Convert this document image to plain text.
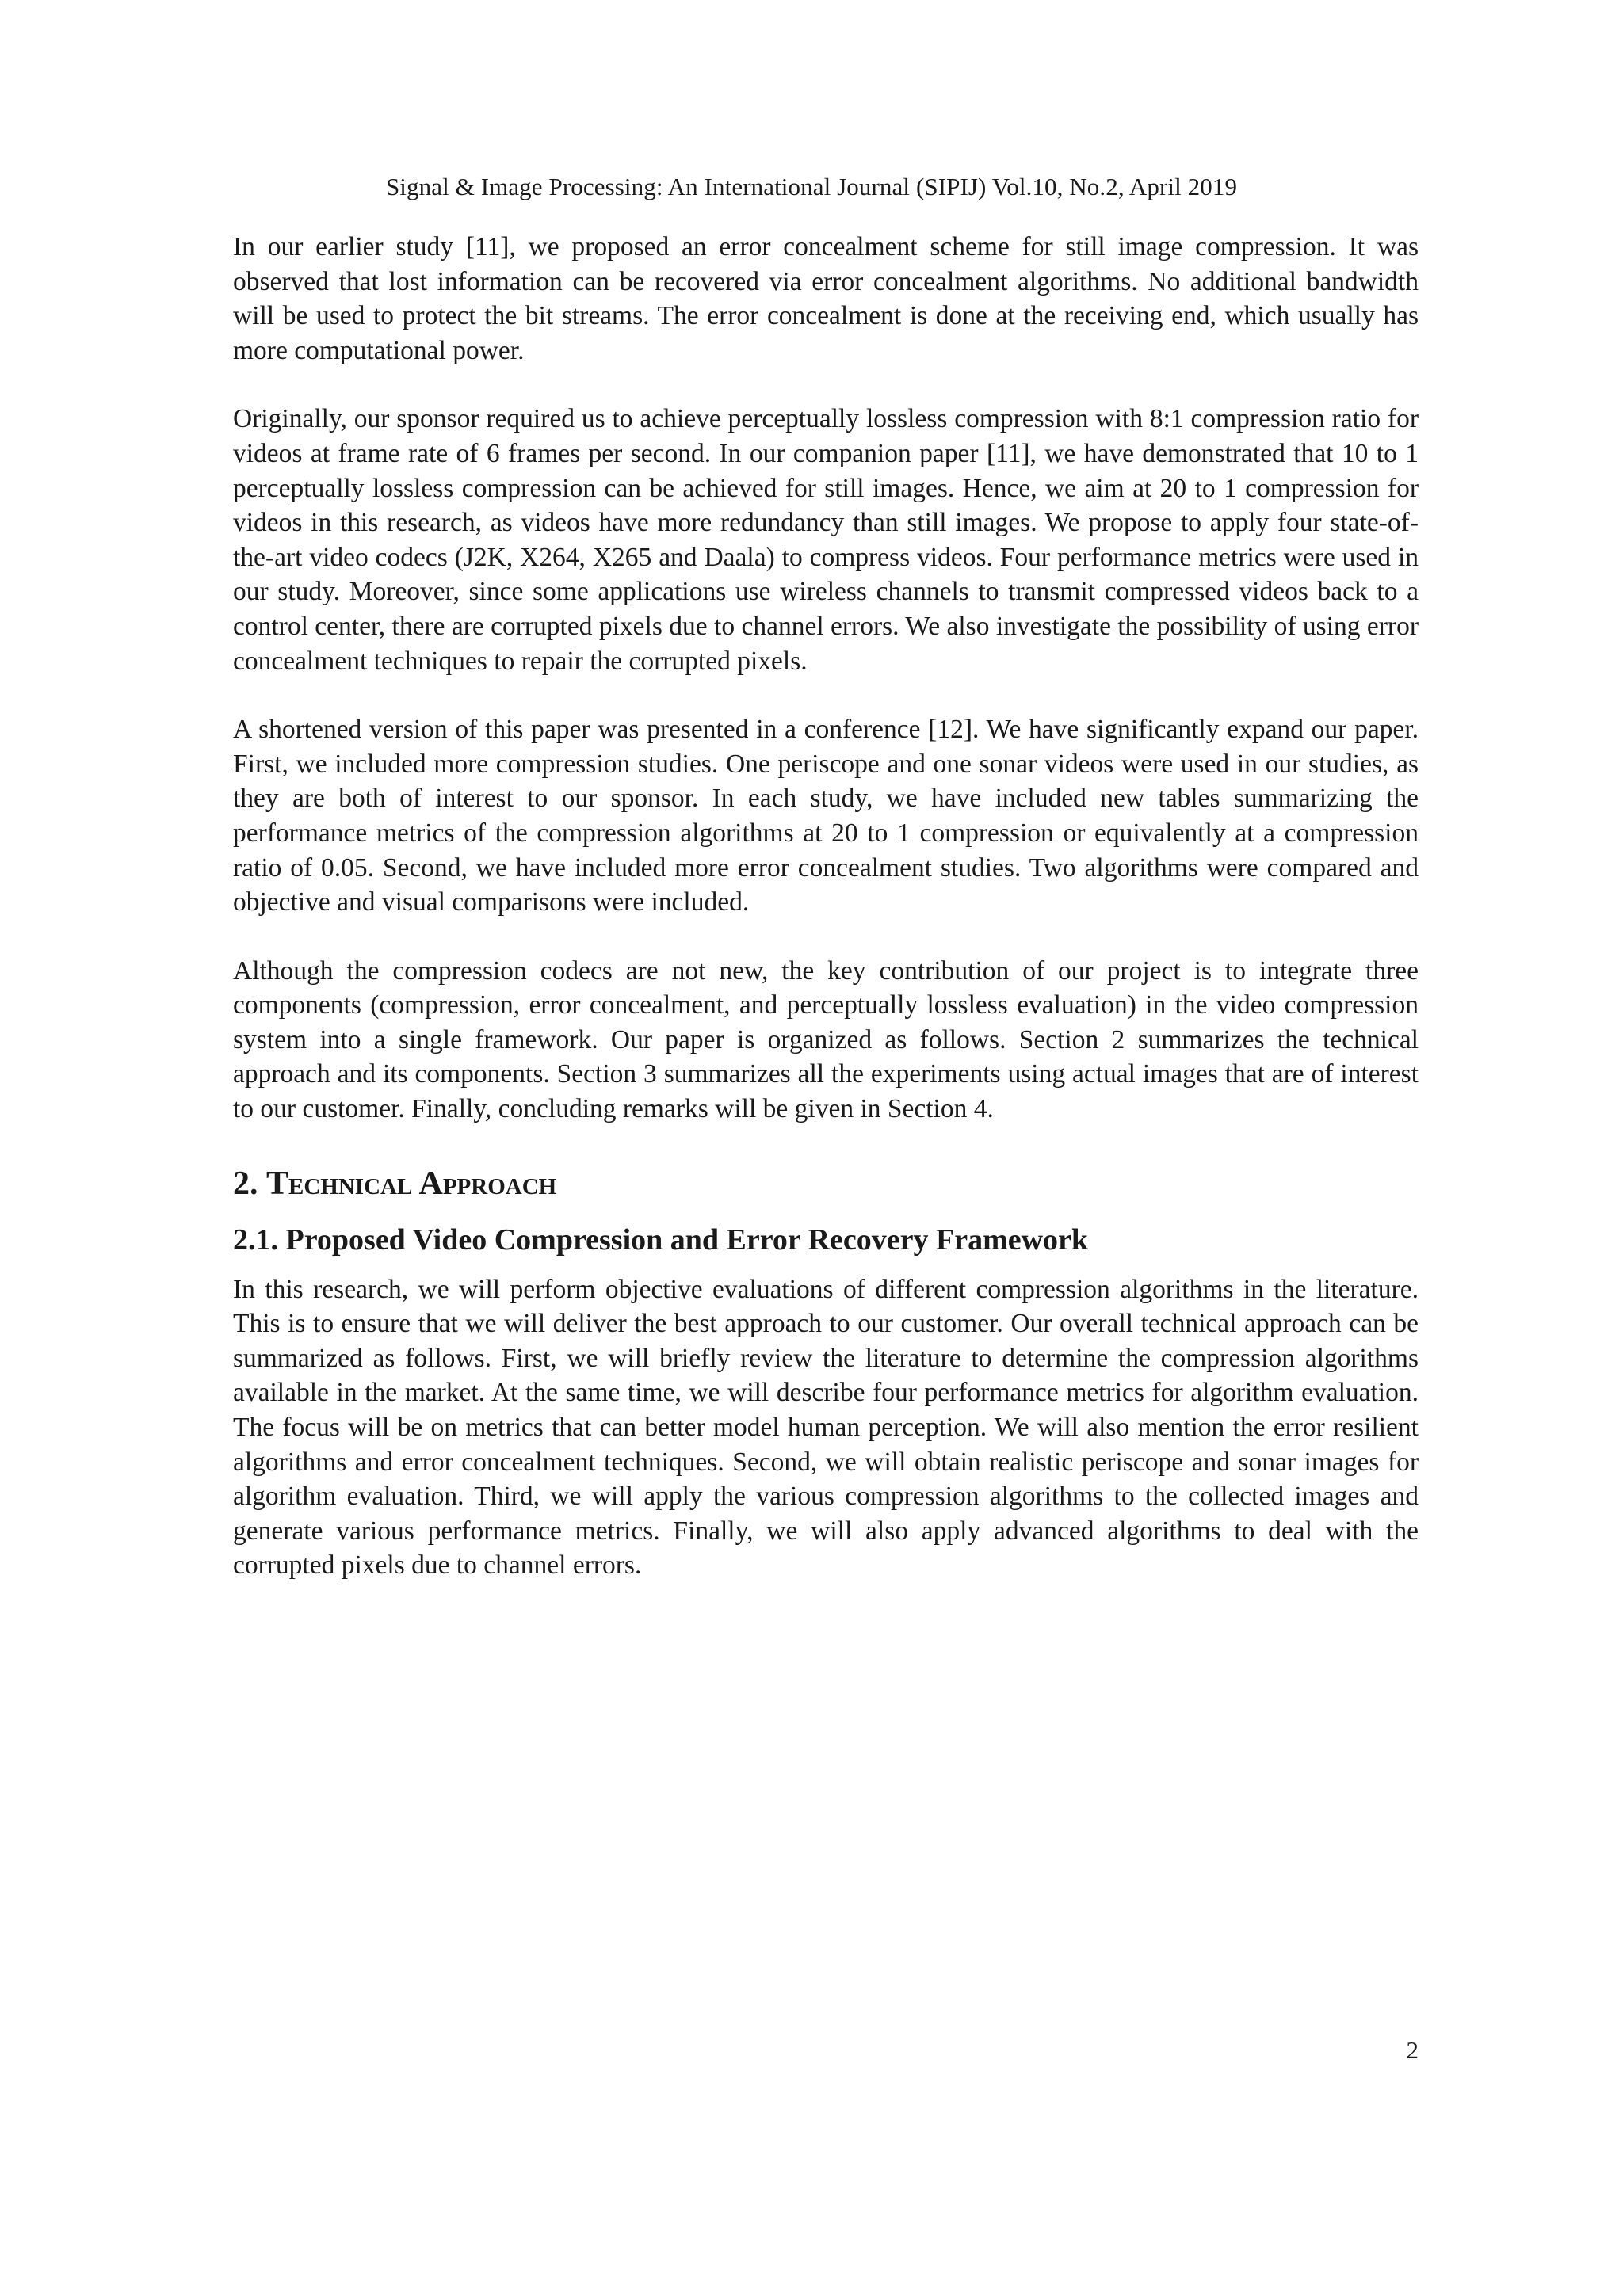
Signal & Image Processing: An International Journal (SIPIJ) Vol.10, No.2, April 2019

In our earlier study [11], we proposed an error concealment scheme for still image compression. It was observed that lost information can be recovered via error concealment algorithms. No additional bandwidth will be used to protect the bit streams. The error concealment is done at the receiving end, which usually has more computational power.

Originally, our sponsor required us to achieve perceptually lossless compression with 8:1 compression ratio for videos at frame rate of 6 frames per second. In our companion paper [11], we have demonstrated that 10 to 1 perceptually lossless compression can be achieved for still images. Hence, we aim at 20 to 1 compression for videos in this research, as videos have more redundancy than still images. We propose to apply four state-of-the-art video codecs (J2K, X264, X265 and Daala) to compress videos. Four performance metrics were used in our study. Moreover, since some applications use wireless channels to transmit compressed videos back to a control center, there are corrupted pixels due to channel errors. We also investigate the possibility of using error concealment techniques to repair the corrupted pixels.

A shortened version of this paper was presented in a conference [12]. We have significantly expand our paper. First, we included more compression studies. One periscope and one sonar videos were used in our studies, as they are both of interest to our sponsor. In each study, we have included new tables summarizing the performance metrics of the compression algorithms at 20 to 1 compression or equivalently at a compression ratio of 0.05. Second, we have included more error concealment studies. Two algorithms were compared and objective and visual comparisons were included.

Although the compression codecs are not new, the key contribution of our project is to integrate three components (compression, error concealment, and perceptually lossless evaluation) in the video compression system into a single framework. Our paper is organized as follows. Section 2 summarizes the technical approach and its components. Section 3 summarizes all the experiments using actual images that are of interest to our customer. Finally, concluding remarks will be given in Section 4.

2. Technical Approach
2.1. Proposed Video Compression and Error Recovery Framework

In this research, we will perform objective evaluations of different compression algorithms in the literature. This is to ensure that we will deliver the best approach to our customer. Our overall technical approach can be summarized as follows. First, we will briefly review the literature to determine the compression algorithms available in the market. At the same time, we will describe four performance metrics for algorithm evaluation. The focus will be on metrics that can better model human perception. We will also mention the error resilient algorithms and error concealment techniques. Second, we will obtain realistic periscope and sonar images for algorithm evaluation. Third, we will apply the various compression algorithms to the collected images and generate various performance metrics. Finally, we will also apply advanced algorithms to deal with the corrupted pixels due to channel errors.

2
